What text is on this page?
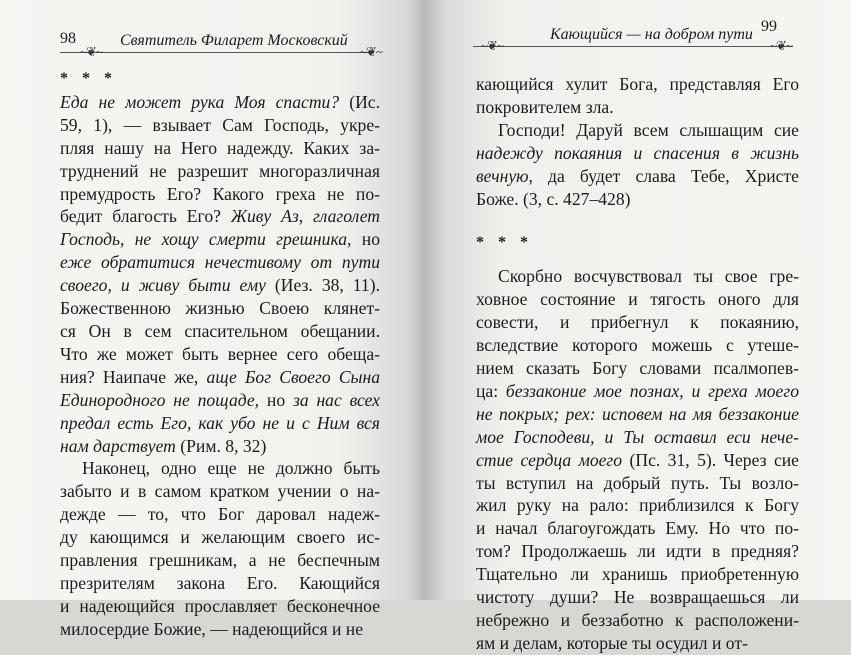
98	Святитель Филарет Московский
~❦~	~❦~

* * *

Еда не может рука Моя спасти? (Ис.
59, 1), — взывает Сам Господь, укре-
пляя нашу на Него надежду. Каких за-
труднений не разрешит многоразличная
премудрость Его? Какого греха не по-
бедит благость Его? Живу Аз, глаголет
Господь, не хощу смерти грешника, но
еже обратитися нечестивому от пути
своего, и живу быти ему (Иез. 38, 11).
Божественною жизнью Своею клянет-
ся Он в сем спасительном обещании.
Что же может быть вернее сего обеща-
ния? Наипаче же, аще Бог Своего Сына
Единородного не пощаде, но за нас всех
предал есть Его, как убо не и с Ним вся
нам дарствует (Рим. 8, 32)
Наконец, одно еще не должно быть
забыто и в самом кратком учении о на-
дежде — то, что Бог даровал надеж-
ду кающимся и желающим своего ис-
правления грешникам, а не беспечным
презрителям закона Его. Кающийся
и надеющийся прославляет бесконечное
милосердие Божие, — надеющийся и не
99
Кающийся — на добром пути
~❦~	~❦~
кающийся хулит Бога, представляя Его
покровителем зла.
Господи! Даруй всем слышащим сие
надежду покаяния и спасения в жизнь
вечную, да будет слава Тебе, Христе
Боже. (3, с. 427–428)

* * *

Скорбно восчувствовал ты свое гре-
ховное состояние и тягость оного для
совести, и прибегнул к покаянию,
вследствие которого можешь с утеше-
нием сказать Богу словами псалмопев-
ца: беззаконие мое познах, и греха моего
не покрых; рех: исповем на мя беззаконие
мое Господеви, и Ты оставил еси нече-
стие сердца моего (Пс. 31, 5). Через сие
ты вступил на добрый путь. Ты возло-
жил руку на рало: приблизился к Богу
и начал благоугождать Ему. Но что по-
том? Продолжаешь ли идти в предняя?
Тщательно ли хранишь приобретенную
чистоту души? Не возвращаешься ли
небрежно и беззаботно к расположени-
ям и делам, которые ты осудил и от-
